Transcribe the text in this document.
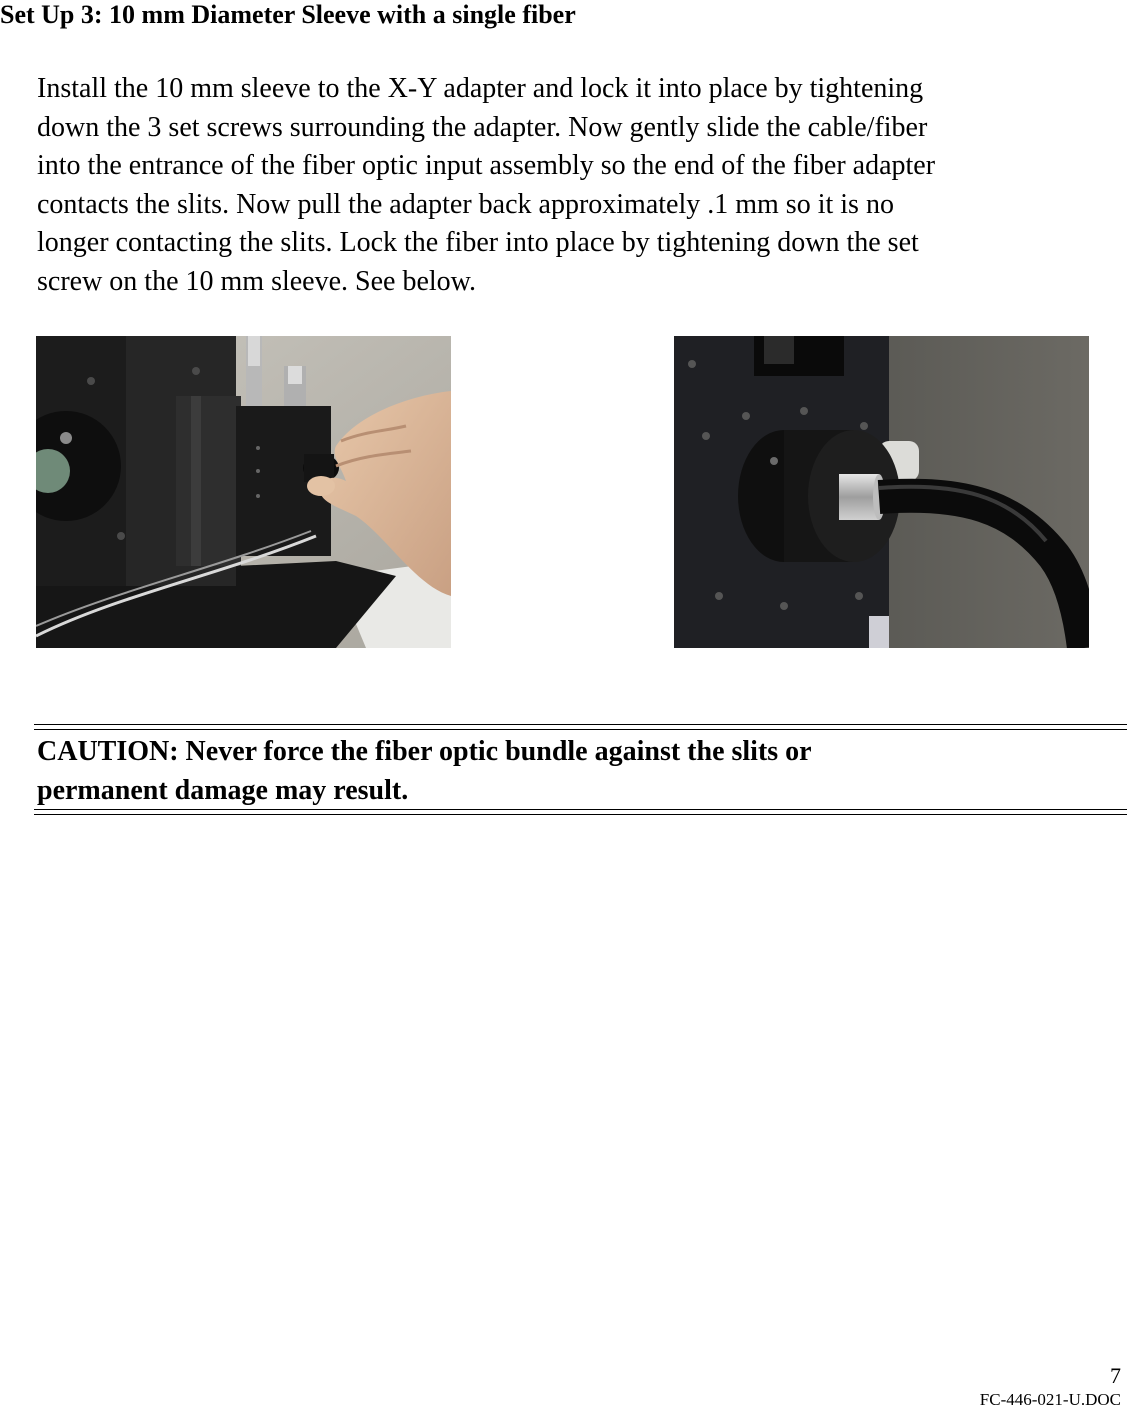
Set Up 3: 10 mm Diameter Sleeve with a single fiber

Install the 10 mm sleeve to the X-Y adapter and lock it into place by tightening
down the 3 set screws surrounding the adapter. Now gently slide the cable/fiber
into the entrance of the fiber optic input assembly so the end of the fiber adapter
contacts the slits. Now pull the adapter back approximately .1 mm so it is no
longer contacting the slits. Lock the fiber into place by tightening down the set
screw on the 10 mm sleeve. See below.

CAUTION: Never force the fiber optic bundle against the slits or
permanent damage may result.
7
FC-446-021-U.DOC
